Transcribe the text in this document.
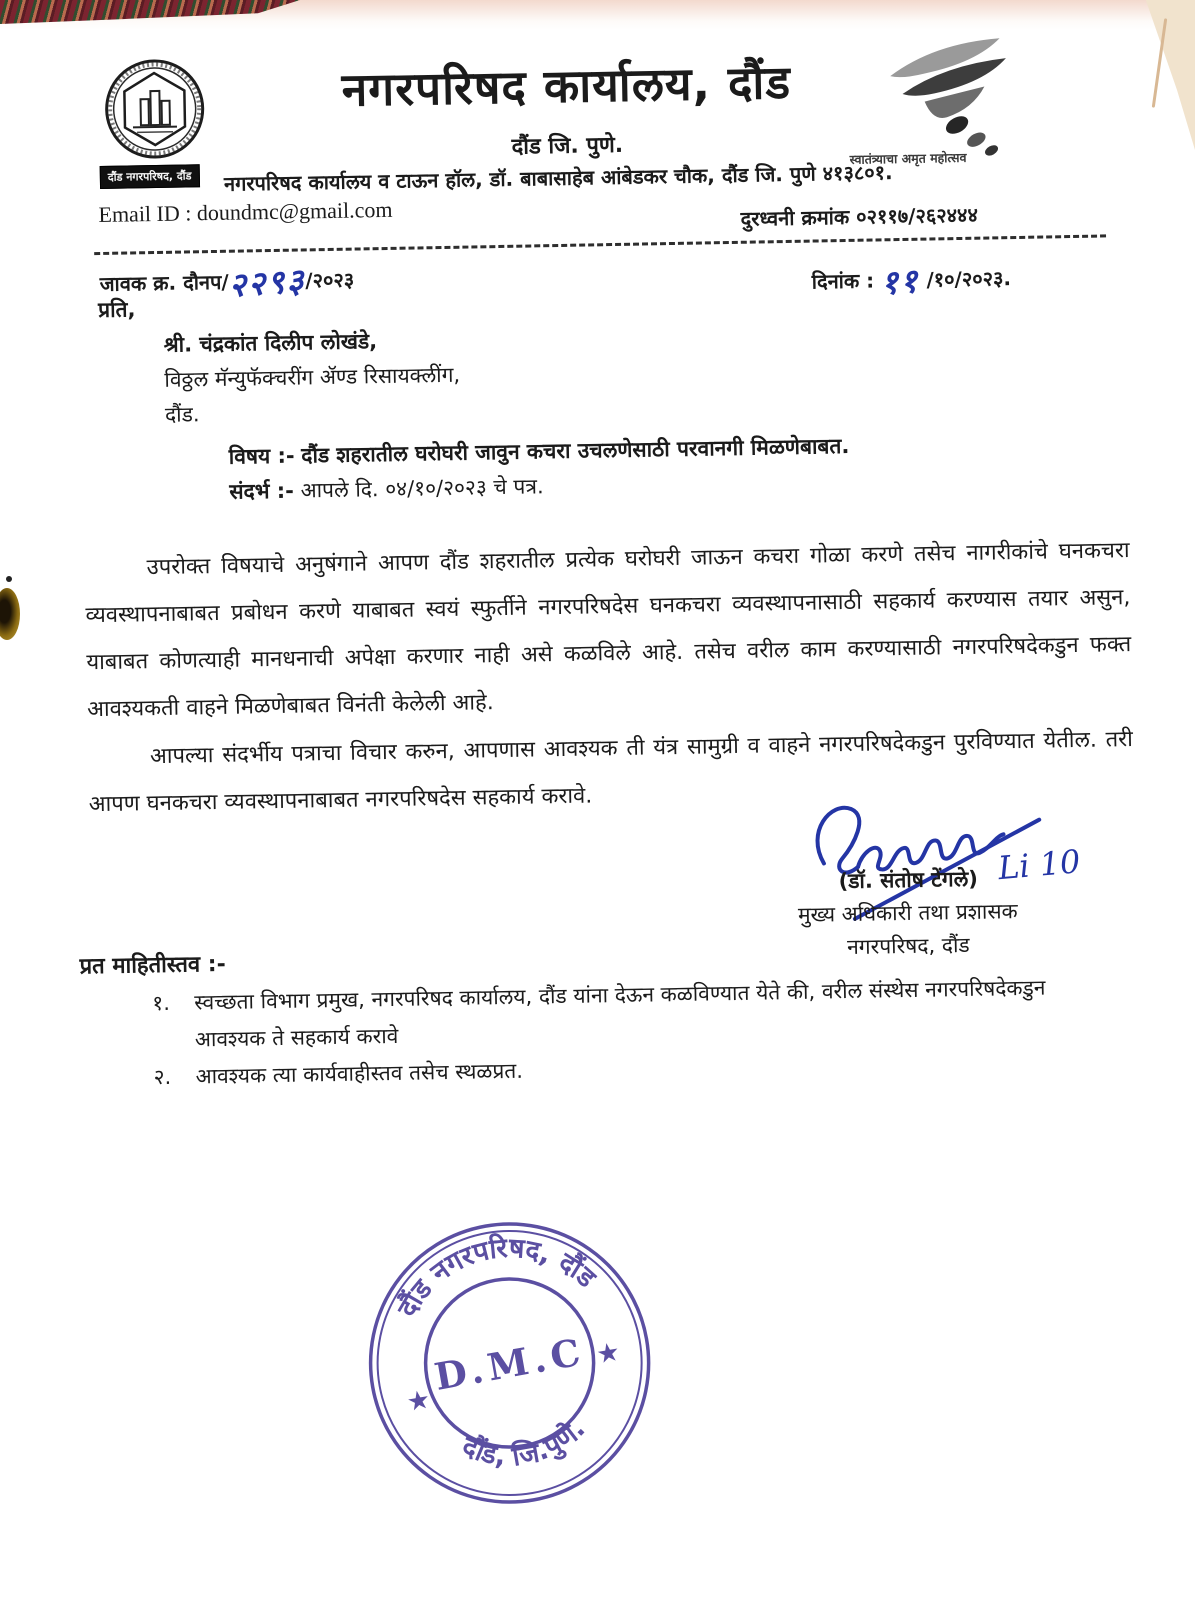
दौंड नगरपरिषद, दौंड
नगरपरिषद कार्यालय, दौंड
दौंड जि. पुणे.	स्वातंत्र्याचा अमृत महोत्सव
नगरपरिषद कार्यालय व टाऊन हॉल, डॉ. बाबासाहेब आंबेडकर चौक, दौंड जि. पुणे ४१३८०१.
Email ID : doundmc@gmail.com	दुरध्वनी क्रमांक ०२११७/२६२४४४
जावक क्र. दौनप/२२९३/२०२३	दिनांक : ११ /१०/२०२३.
प्रति,
श्री. चंद्रकांत दिलीप लोखंडे,
विठ्ठल मॅन्युफॅक्चरींग ॲण्ड रिसायक्लींग,
दौंड.
विषय :- दौंड शहरातील घरोघरी जावुन कचरा उचलणेसाठी परवानगी मिळणेबाबत.
संदर्भ :- आपले दि. ०४/१०/२०२३ चे पत्र.
उपरोक्त विषयाचे अनुषंगाने आपण दौंड शहरातील प्रत्येक घरोघरी जाऊन कचरा गोळा करणे तसेच नागरीकांचे घनकचरा व्यवस्थापनाबाबत प्रबोधन करणे याबाबत स्वयं स्फुर्तीने नगरपरिषदेस घनकचरा व्यवस्थापनासाठी सहकार्य करण्यास तयार असुन, याबाबत कोणत्याही मानधनाची अपेक्षा करणार नाही असे कळविले आहे. तसेच वरील काम करण्यासाठी नगरपरिषदेकडुन फक्त आवश्यकती वाहने मिळणेबाबत विनंती केलेली आहे.
आपल्या संदर्भीय पत्राचा विचार करुन, आपणास आवश्यक ती यंत्र सामुग्री व वाहने नगरपरिषदेकडुन पुरविण्यात येतील. तरी आपण घनकचरा व्यवस्थापनाबाबत नगरपरिषदेस सहकार्य करावे.
Li 10
(डॉ. संतोष टेंगले)
मुख्य अधिकारी तथा प्रशासक
नगरपरिषद, दौंड
प्रत माहितीस्तव :-
१.	स्वच्छता विभाग प्रमुख, नगरपरिषद कार्यालय, दौंड यांना देऊन कळविण्यात येते की, वरील संस्थेस नगरपरिषदेकडुन आवश्यक ते सहकार्य करावे
२.	आवश्यक त्या कार्यवाहीस्तव तसेच स्थळप्रत.
दौंड नगरपरिषद, दौंड
दौंड, जि.पुणे.
★
★
D.M.C
